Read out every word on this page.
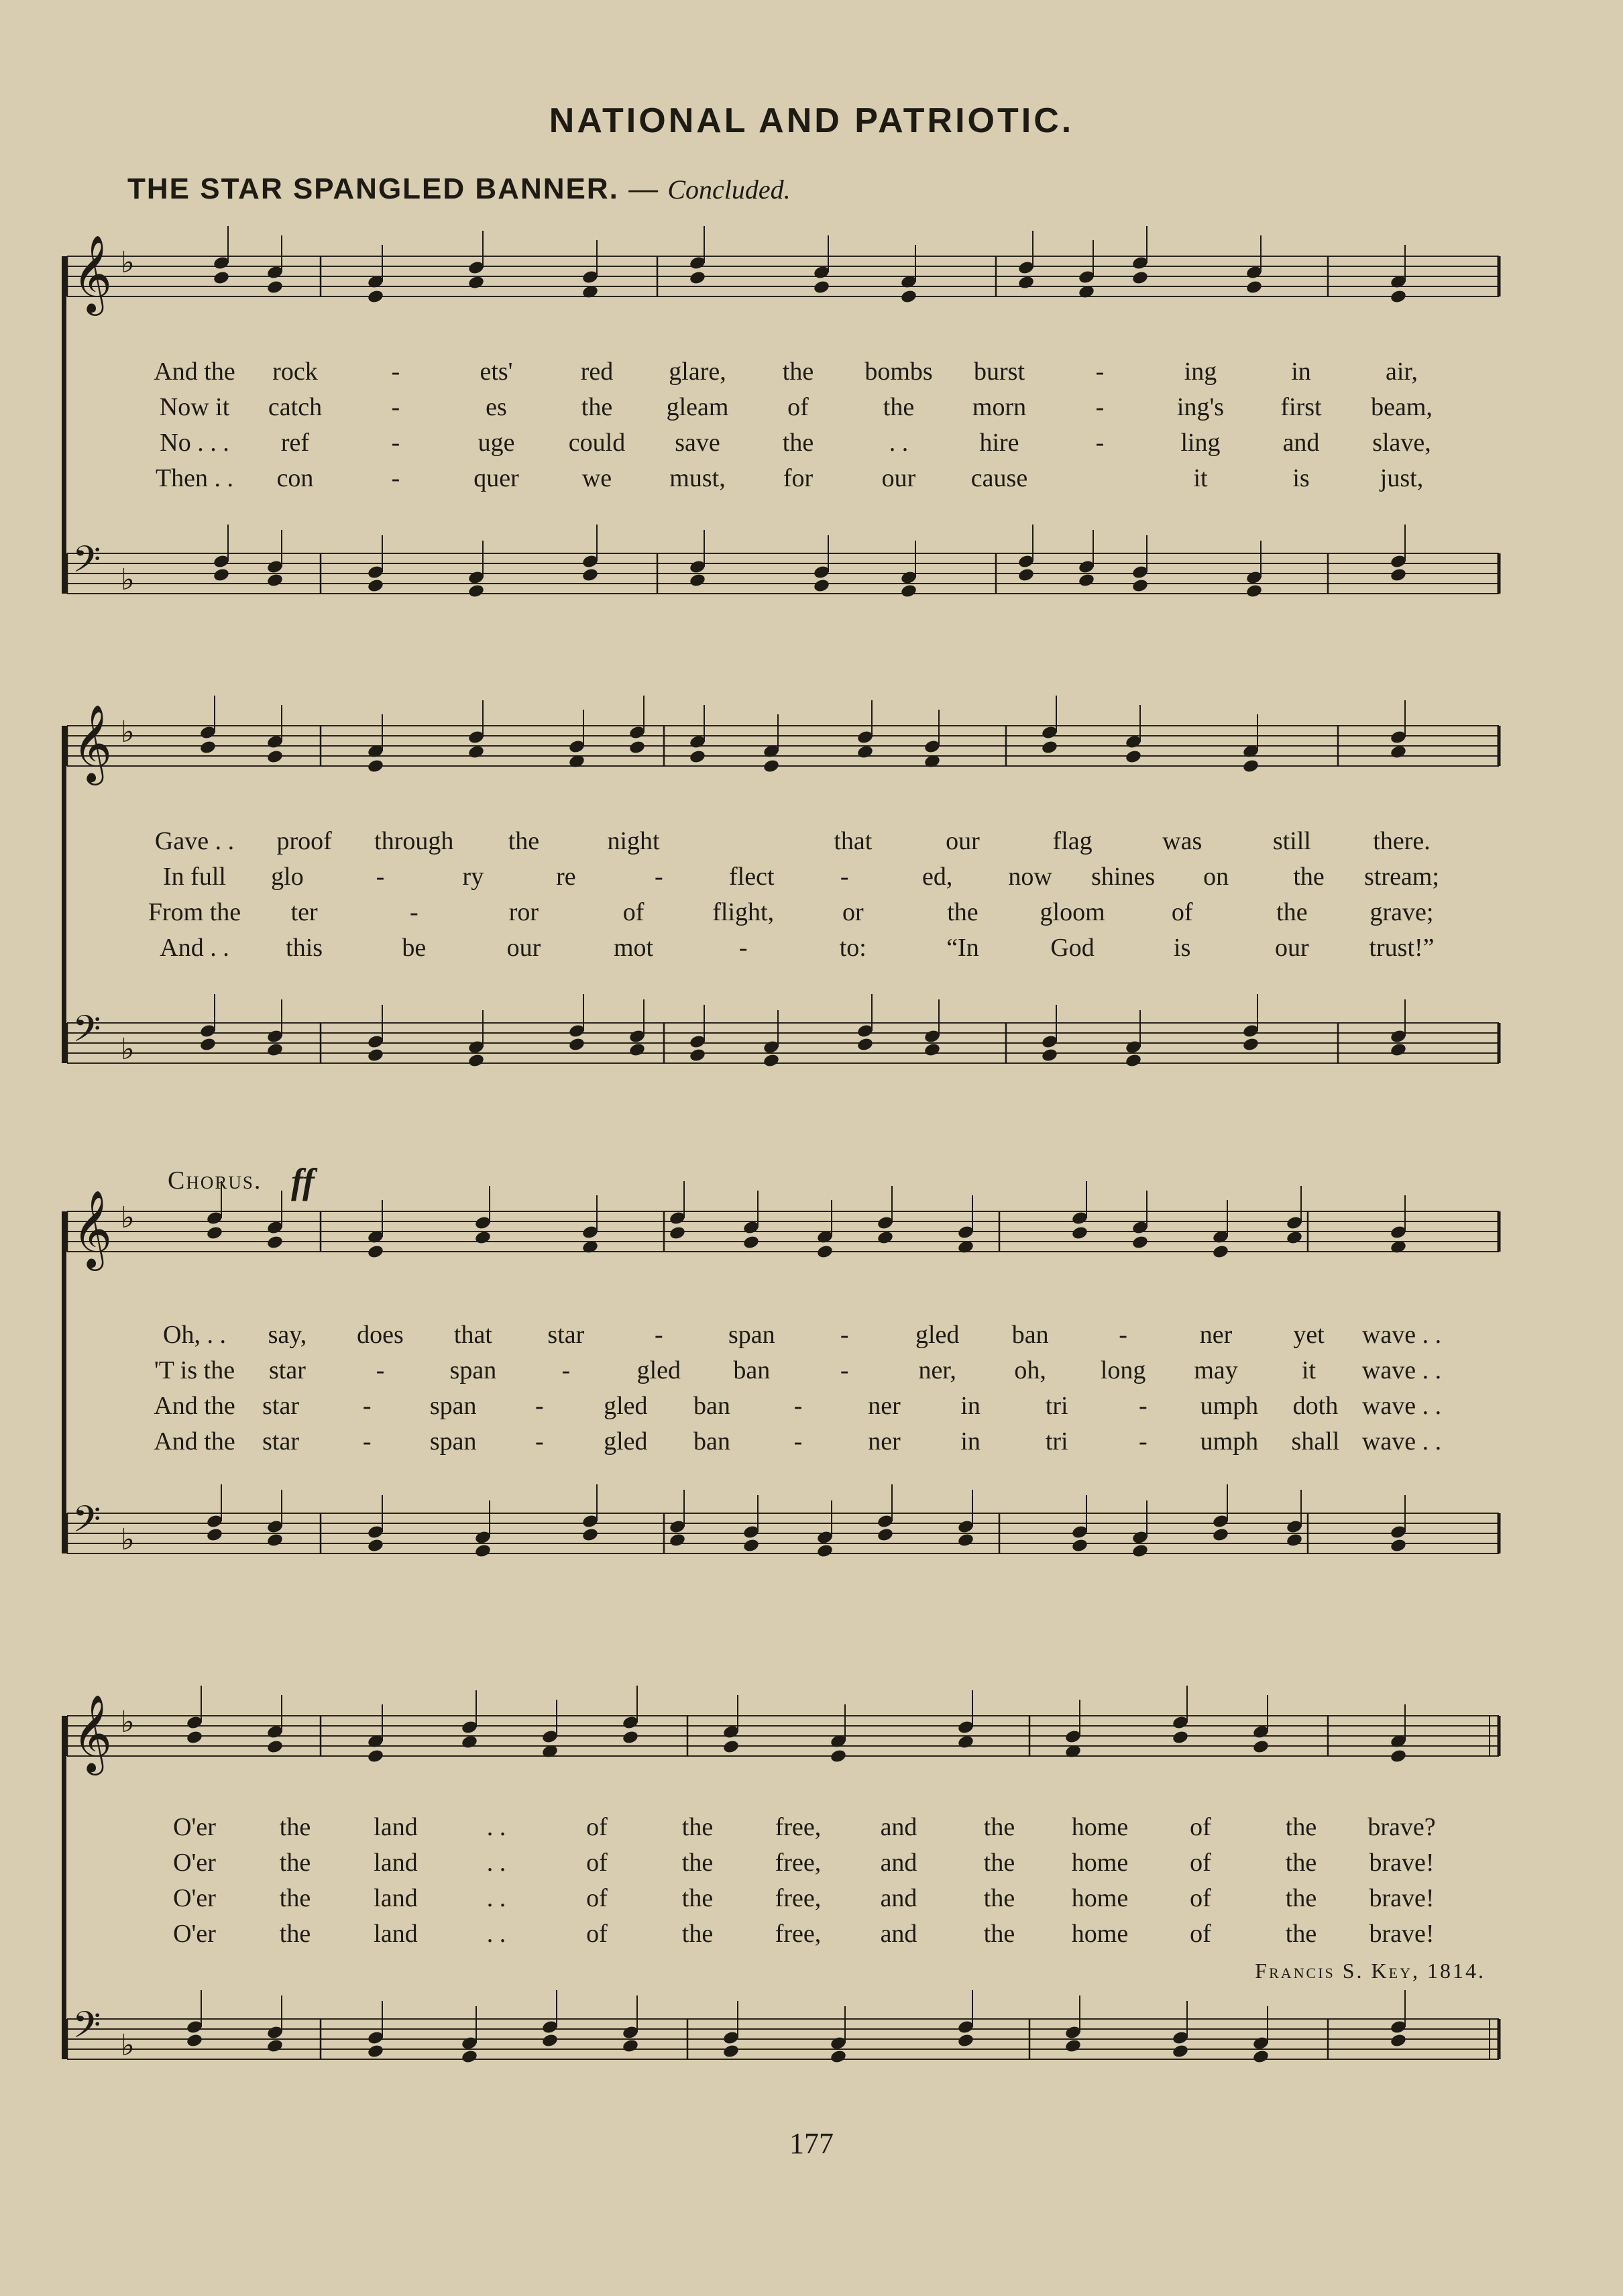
NATIONAL AND PATRIOTIC.
THE STAR SPANGLED BANNER. — Concluded.
𝄞 ♭
𝄢 ♭
And the rock	-	ets'	red glare, the bombs burst	-	ing	in	air,
Now it catch	-	es	the gleam of	the morn	-	ing's first beam,
No . . . ref	-	uge could save the	. .	hire	-	ling and slave,
Then . . con	-	quer we must, for	our cause	it	is	just,
𝄞 ♭
𝄢 ♭
Gave . . proof through the	night	that	our	flag	was	still there.
In full glo	-	ry	re	-	flect	-	ed, now shines on	the stream;
From the ter	-	ror	of	flight,	or	the gloom	of	the grave;
And . . this	be	our	mot	-	to:	“In	God	is	our trust!”
𝄞 ♭
𝄢 ♭
Chorus. ff
Oh, . . say, does that star	-	span	-	gled ban	-	ner yet wave . .
'T is the star	-	span	-	gled ban	-	ner, oh, long may	it wave . .
And the star - span - gled ban -	ner in	tri	- umph doth wave . .
And the star - span - gled ban -	ner in	tri	- umph shall wave . .
𝄞 ♭
𝄢 ♭
O'er the land	. .	of	the free, and	the home of	the brave?
O'er the land	. .	of	the free, and	the home of	the brave!
O'er the land	. .	of	the free, and	the home of	the brave!
O'er the land	. .	of	the free, and	the home of	the brave!
Francis S. Key, 1814.
177
